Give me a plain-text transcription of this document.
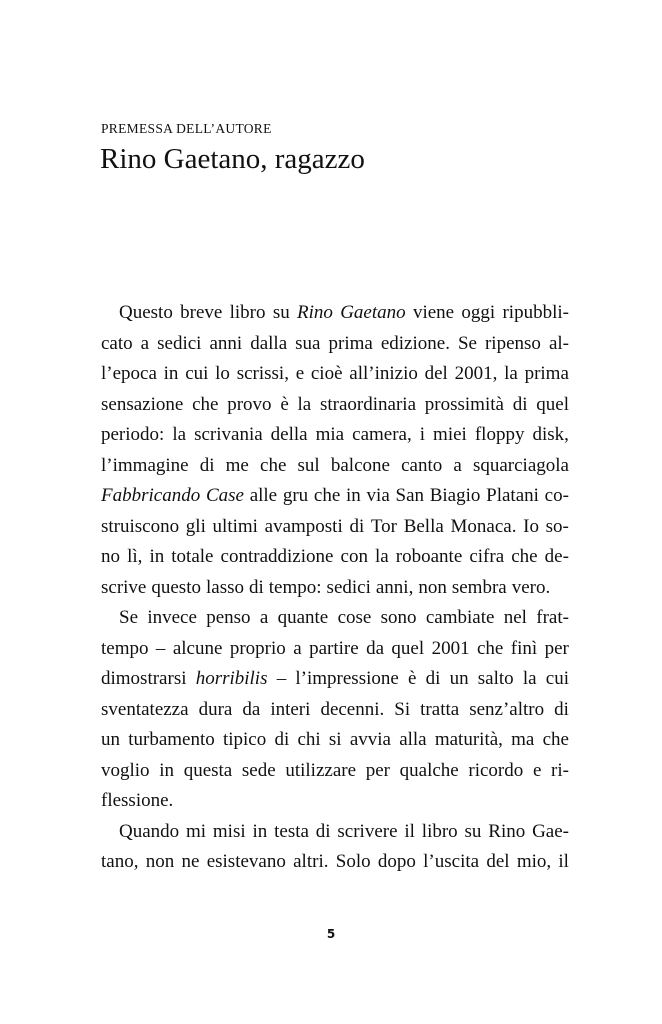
PREMESSA DELL’AUTORE
Rino Gaetano, ragazzo
Questo breve libro su Rino Gaetano viene oggi ripubbli-
cato a sedici anni dalla sua prima edizione. Se ripenso al-
l’epoca in cui lo scrissi, e cioè all’inizio del 2001, la prima
sensazione che provo è la straordinaria prossimità di quel
periodo: la scrivania della mia camera, i miei floppy disk,
l’immagine di me che sul balcone canto a squarciagola
Fabbricando Case alle gru che in via San Biagio Platani co-
struiscono gli ultimi avamposti di Tor Bella Monaca. Io so-
no lì, in totale contraddizione con la roboante cifra che de-
scrive questo lasso di tempo: sedici anni, non sembra vero.
Se invece penso a quante cose sono cambiate nel frat-
tempo – alcune proprio a partire da quel 2001 che finì per
dimostrarsi horribilis – l’impressione è di un salto la cui
sventatezza dura da interi decenni. Si tratta senz’altro di
un turbamento tipico di chi si avvia alla maturità, ma che
voglio in questa sede utilizzare per qualche ricordo e ri-
flessione.
Quando mi misi in testa di scrivere il libro su Rino Gae-
tano, non ne esistevano altri. Solo dopo l’uscita del mio, il
5
